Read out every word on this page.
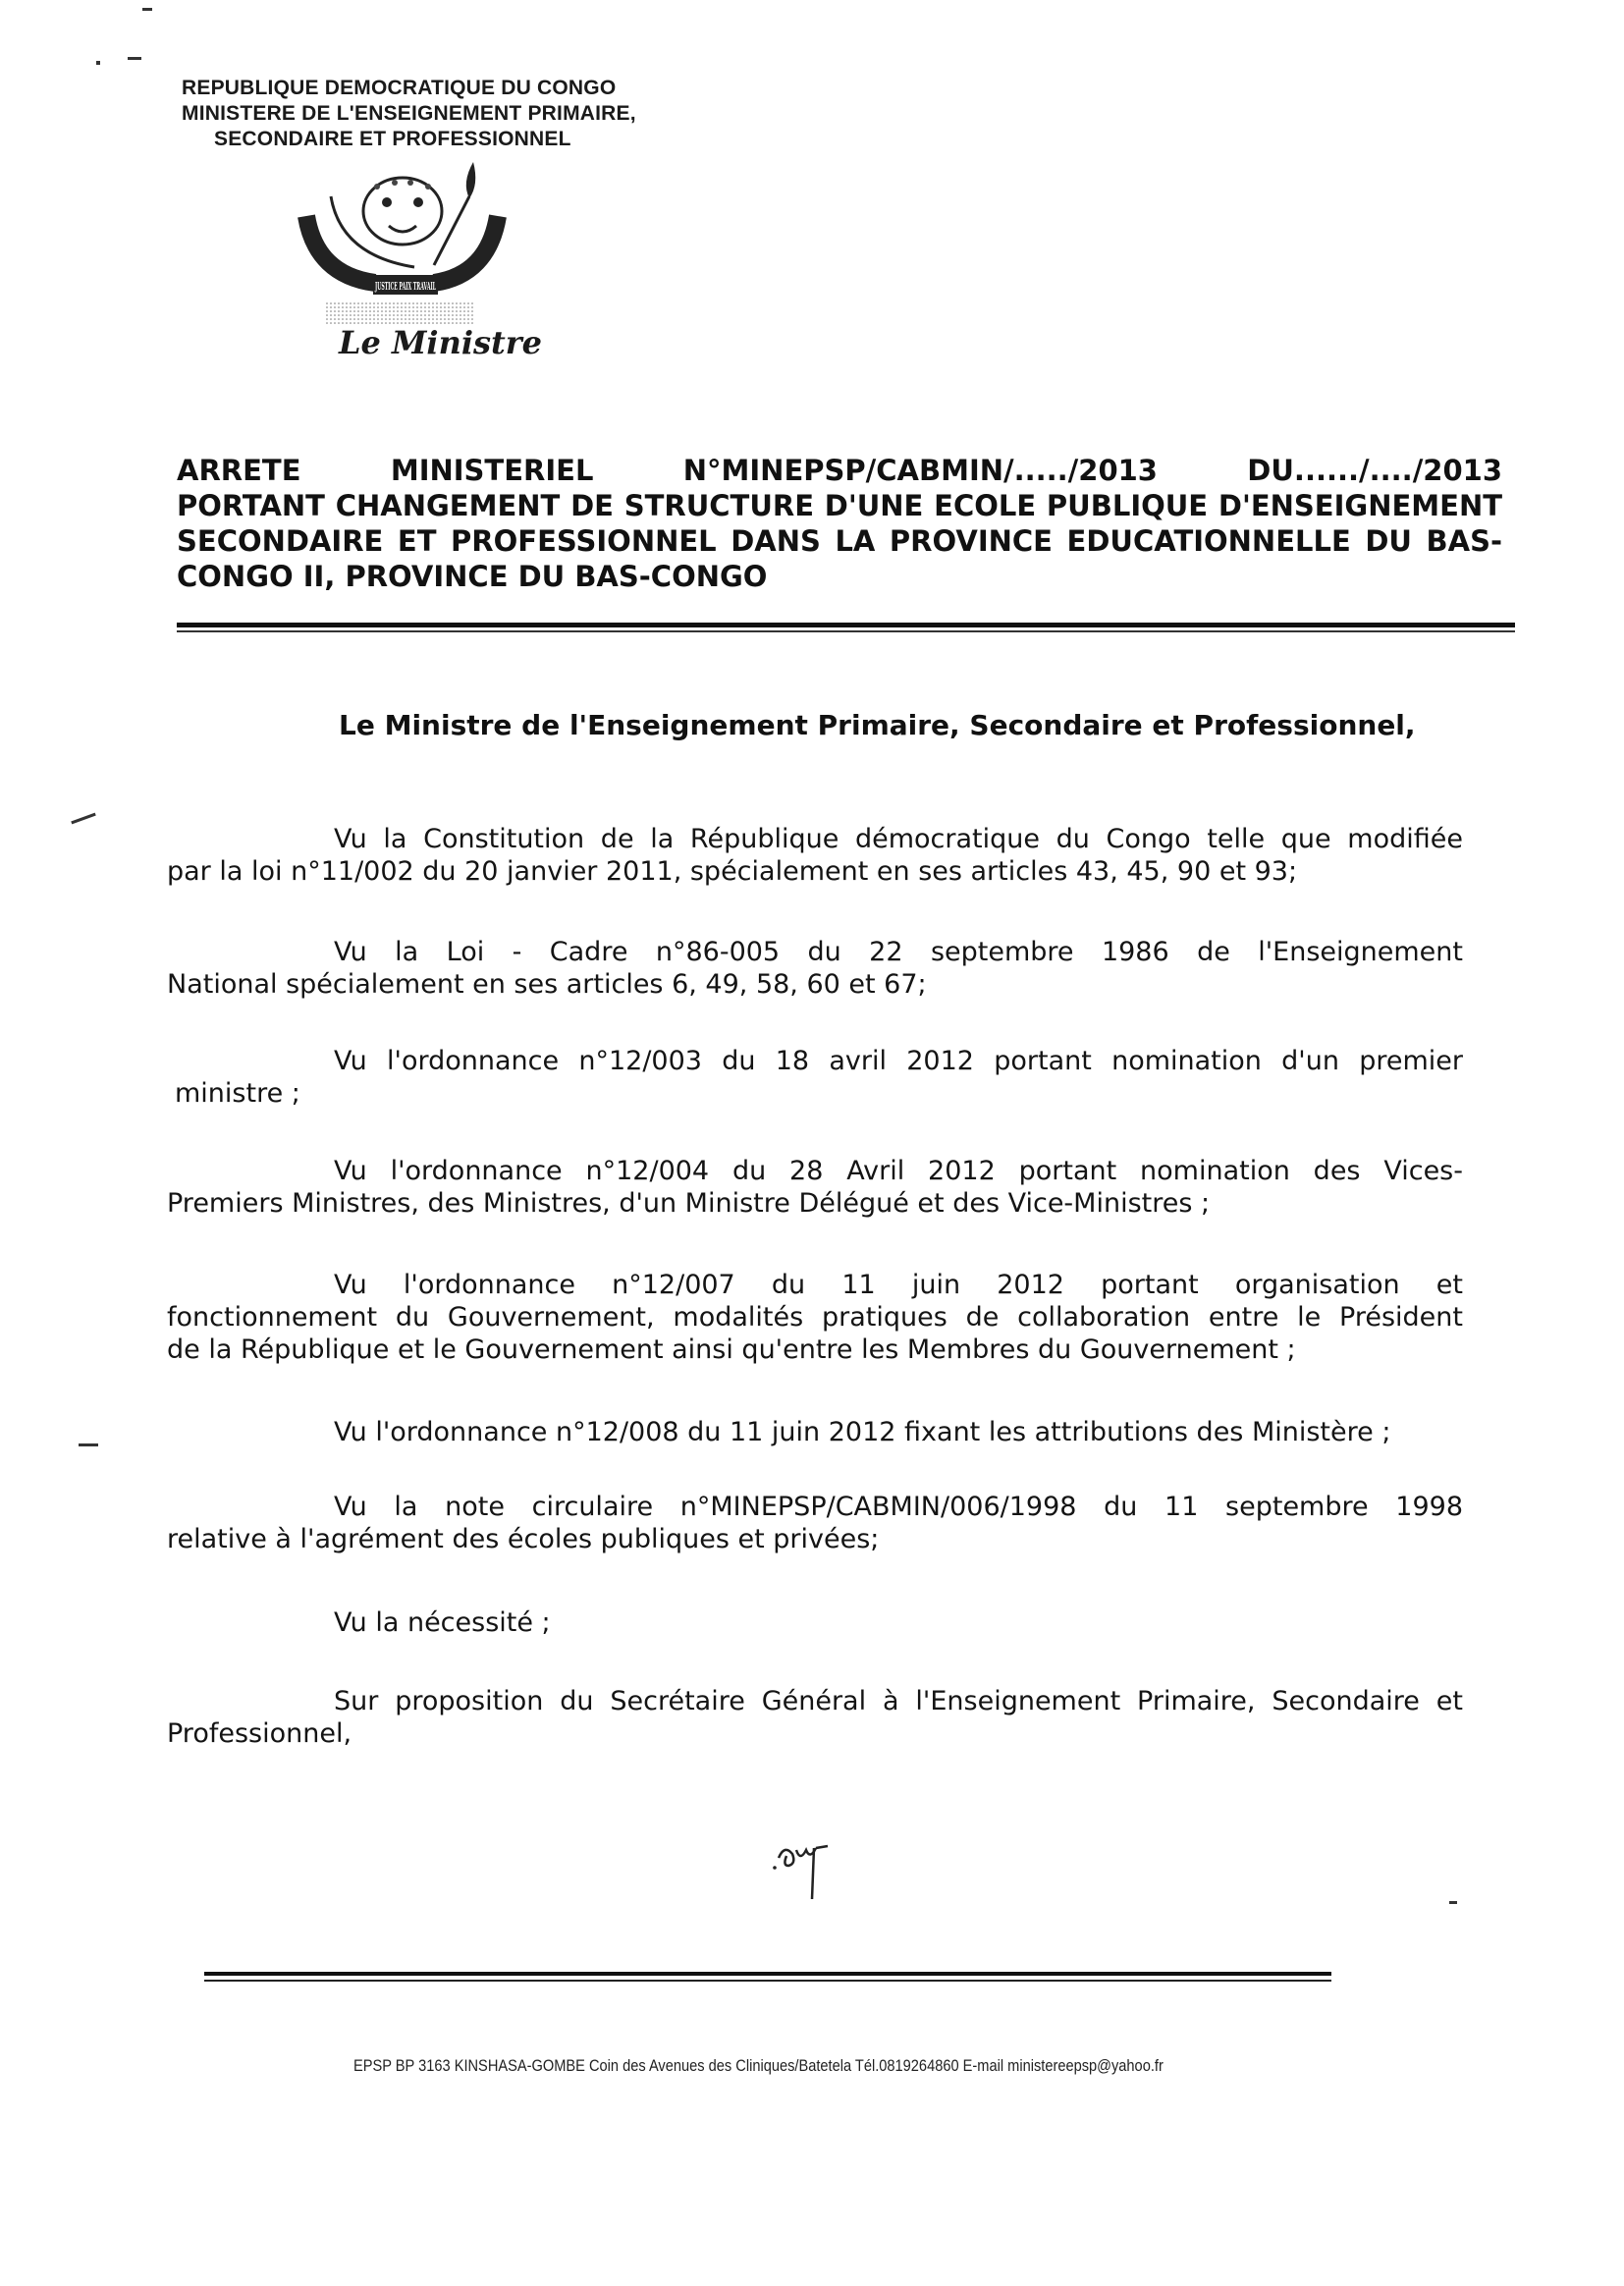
REPUBLIQUE DEMOCRATIQUE DU CONGO
MINISTERE DE L'ENSEIGNEMENT PRIMAIRE,
SECONDAIRE ET PROFESSIONNEL
JUSTICE PAIX TRAVAIL
Le Ministre
ARRETE MINISTERIEL N°MINEPSP/CABMIN/...../2013 DU....../..../2013
PORTANT CHANGEMENT DE STRUCTURE D'UNE ECOLE PUBLIQUE D'ENSEIGNEMENT
SECONDAIRE ET PROFESSIONNEL DANS LA PROVINCE EDUCATIONNELLE DU BAS-
CONGO II, PROVINCE DU BAS-CONGO
Le Ministre de l'Enseignement Primaire, Secondaire et Professionnel,
Vu la Constitution de la République démocratique du Congo telle que modifiée
par la loi n°11/002 du 20 janvier 2011, spécialement en ses articles 43, 45, 90 et 93;
Vu la Loi - Cadre n°86-005 du 22 septembre 1986 de l'Enseignement
National spécialement en ses articles 6, 49, 58, 60 et 67;
Vu l'ordonnance n°12/003 du 18 avril 2012 portant nomination d'un premier
ministre ;
Vu l'ordonnance n°12/004 du 28 Avril 2012 portant nomination des Vices-
Premiers Ministres, des Ministres, d'un Ministre Délégué et des Vice-Ministres ;
Vu l'ordonnance n°12/007 du 11 juin 2012 portant organisation et
fonctionnement du Gouvernement, modalités pratiques de collaboration entre le Président
de la République et le Gouvernement ainsi qu'entre les Membres du Gouvernement ;
Vu l'ordonnance n°12/008 du 11 juin 2012 fixant les attributions des Ministère ;
Vu la note circulaire n°MINEPSP/CABMIN/006/1998 du 11 septembre 1998
relative à l'agrément des écoles publiques et privées;
Vu la nécessité ;
Sur proposition du Secrétaire Général à l'Enseignement Primaire, Secondaire et
Professionnel,
EPSP BP 3163 KINSHASA-GOMBE Coin des Avenues des Cliniques/Batetela Tél.0819264860 E-mail ministereepsp@yahoo.fr
